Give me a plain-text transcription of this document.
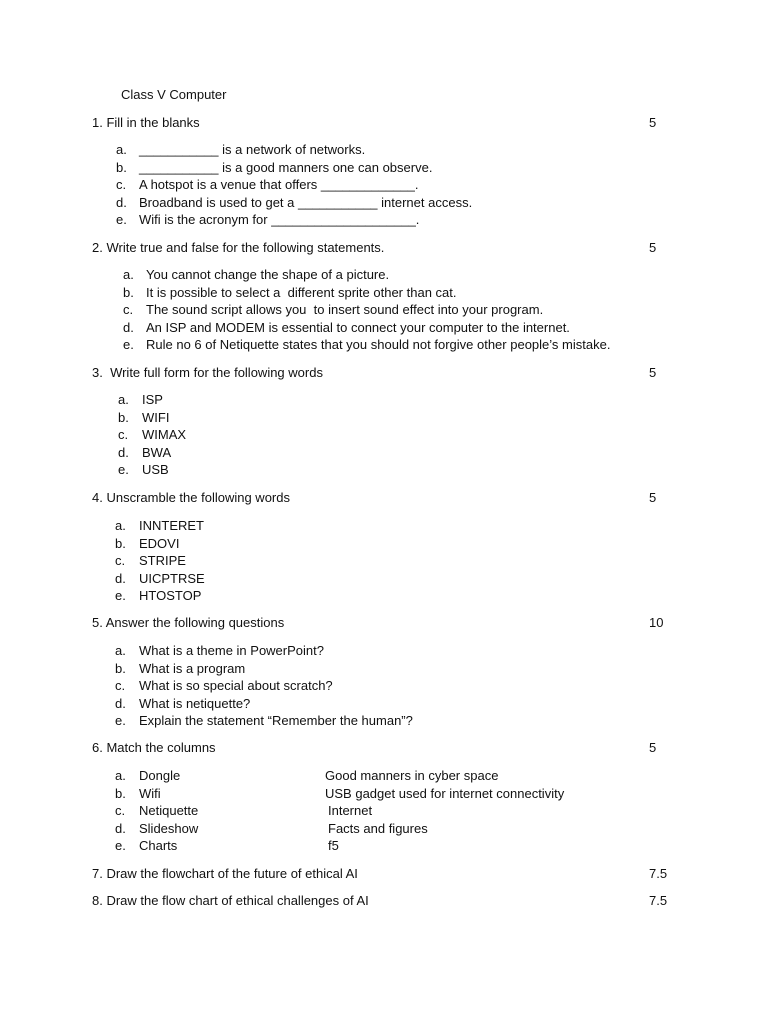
Class V Computer
1. Fill in the blanks	5
a. ___________ is a network of networks.
b. ___________ is a good manners one can observe.
c. A hotspot is a venue that offers _____________.
d. Broadband is used to get a ___________ internet access.
e. Wifi is the acronym for ____________________.
2. Write true and false for the following statements.	5
a. You cannot change the shape of a picture.
b. It is possible to select a  different sprite other than cat.
c. The sound script allows you  to insert sound effect into your program.
d. An ISP and MODEM is essential to connect your computer to the internet.
e. Rule no 6 of Netiquette states that you should not forgive other people’s mistake.
3.  Write full form for the following words	5
a.	ISP
b.	WIFI
c.	WIMAX
d.	BWA
e.	USB
4. Unscramble the following words	5
a.	INNTERET
b.	EDOVI
c.	STRIPE
d.	UICPTRSE
e.	HTOSTOP
5. Answer the following questions	10
a.	What is a theme in PowerPoint?
b.	What is a program
c.	What is so special about scratch?
d.	What is netiquette?
e.	Explain the statement “Remember the human”?
6. Match the columns	5
a.	Dongle	Good manners in cyber space
b.	Wifi	USB gadget used for internet connectivity
c.	Netiquette	Internet
d.	Slideshow	Facts and figures
e.	Charts	f5
7. Draw the flowchart of the future of ethical AI	7.5
8. Draw the flow chart of ethical challenges of AI	7.5
